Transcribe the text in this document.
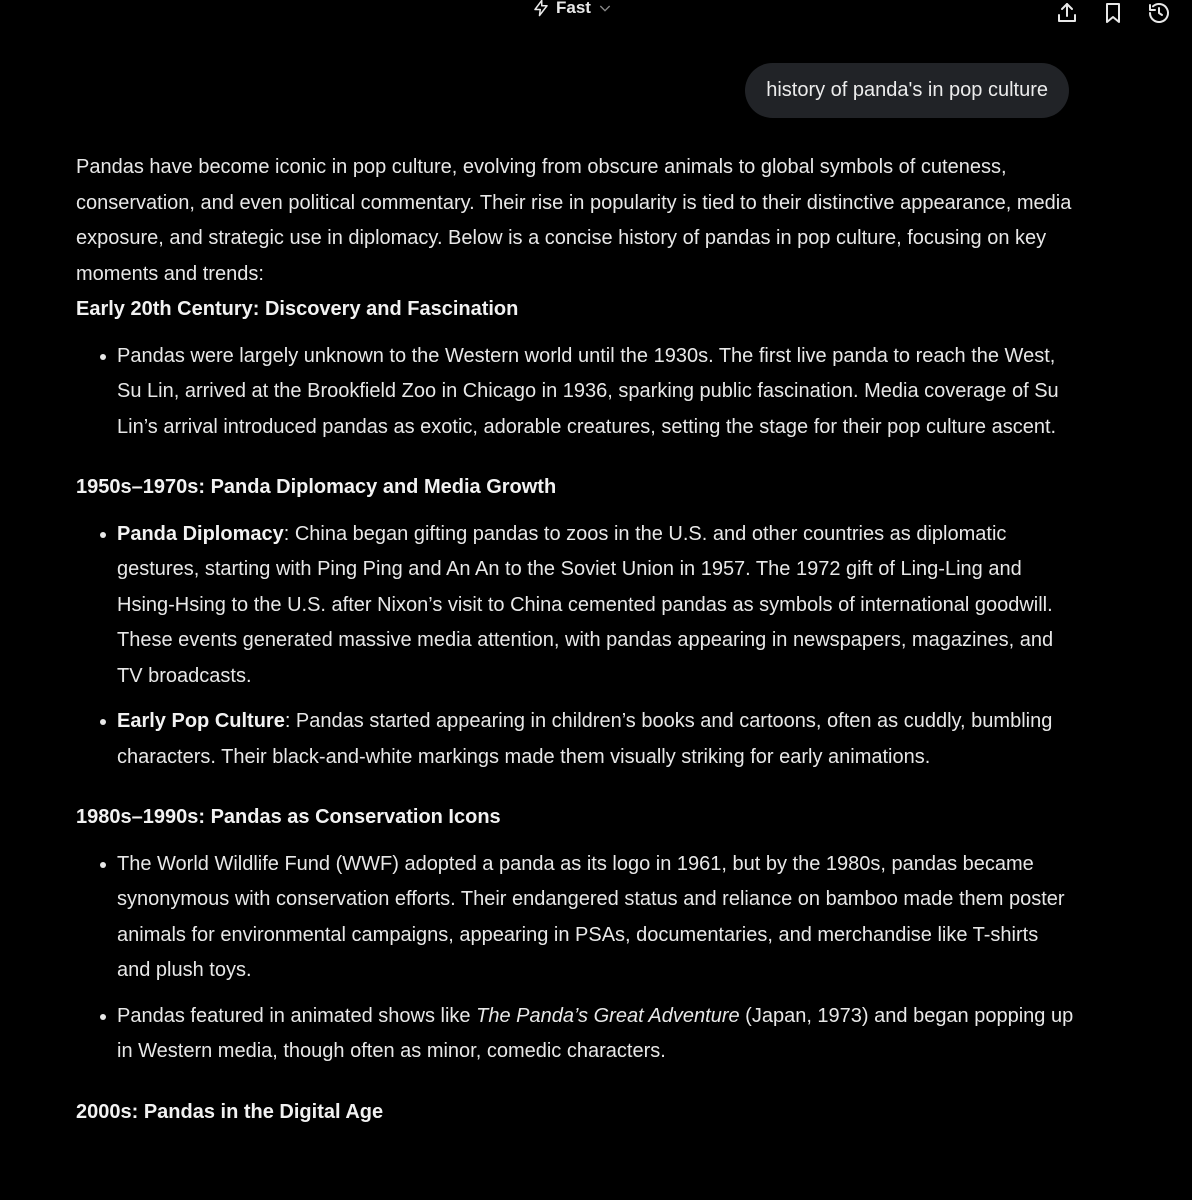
Fast
history of panda's in pop culture

Pandas have become iconic in pop culture, evolving from obscure animals to global symbols of cuteness, conservation, and even political commentary. Their rise in popularity is tied to their distinctive appearance, media exposure, and strategic use in diplomacy. Below is a concise history of pandas in pop culture, focusing on key moments and trends:

Early 20th Century: Discovery and Fascination
Pandas were largely unknown to the Western world until the 1930s. The first live panda to reach the West, Su Lin, arrived at the Brookfield Zoo in Chicago in 1936, sparking public fascination. Media coverage of Su Lin’s arrival introduced pandas as exotic, adorable creatures, setting the stage for their pop culture ascent.
1950s–1970s: Panda Diplomacy and Media Growth
Panda Diplomacy: China began gifting pandas to zoos in the U.S. and other countries as diplomatic gestures, starting with Ping Ping and An An to the Soviet Union in 1957. The 1972 gift of Ling-Ling and Hsing-Hsing to the U.S. after Nixon’s visit to China cemented pandas as symbols of international goodwill. These events generated massive media attention, with pandas appearing in newspapers, magazines, and TV broadcasts.
Early Pop Culture: Pandas started appearing in children’s books and cartoons, often as cuddly, bumbling characters. Their black-and-white markings made them visually striking for early animations.
1980s–1990s: Pandas as Conservation Icons
The World Wildlife Fund (WWF) adopted a panda as its logo in 1961, but by the 1980s, pandas became synonymous with conservation efforts. Their endangered status and reliance on bamboo made them poster animals for environmental campaigns, appearing in PSAs, documentaries, and merchandise like T-shirts and plush toys.
Pandas featured in animated shows like The Panda’s Great Adventure (Japan, 1973) and began popping up in Western media, though often as minor, comedic characters.
2000s: Pandas in the Digital Age
